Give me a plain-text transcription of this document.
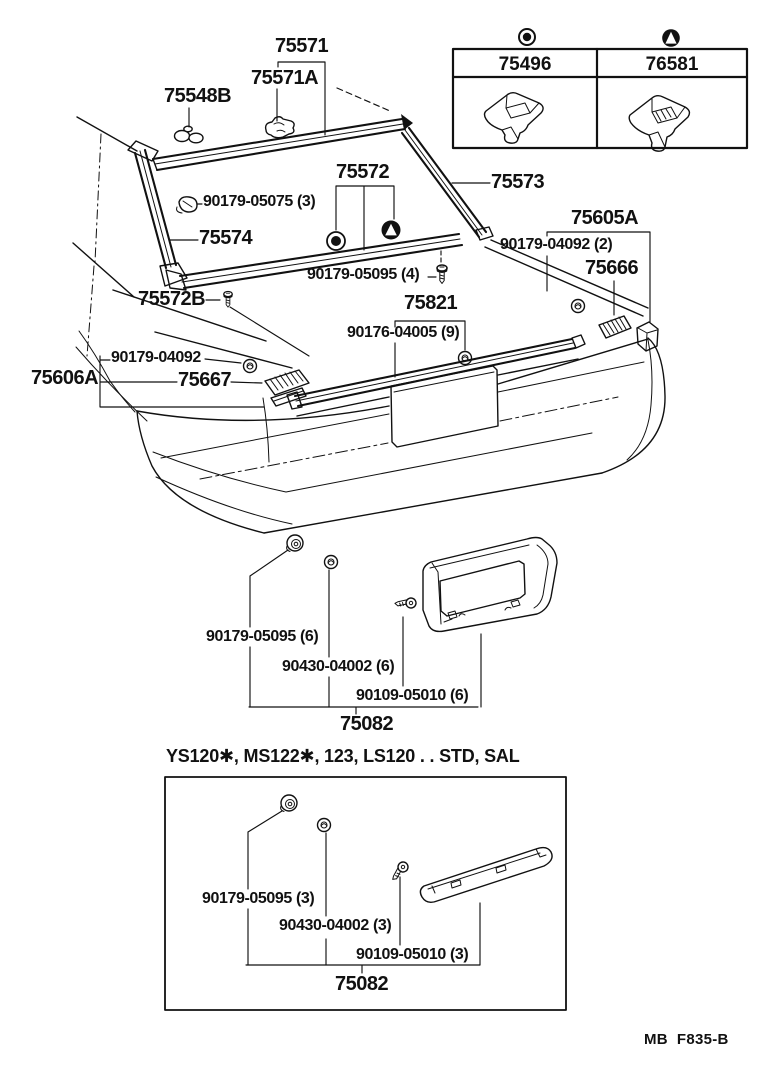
75571
75571A
75548B
90179-05075 (3)
75574
75572	75573
90179-05095 (4)
75605A
90179-04092 (2)
75666
75572B	75821
90176-04005 (9)
90179-04092
75606A	75667
90179-05095 (6)
90430-04002 (6)
90109-05010 (6)
75082
YS120✱, MS122✱, 123, LS120 . . STD, SAL
90179-05095 (3)
90430-04002 (3)
90109-05010 (3)
75082
75496	76581
MB  F835-B
